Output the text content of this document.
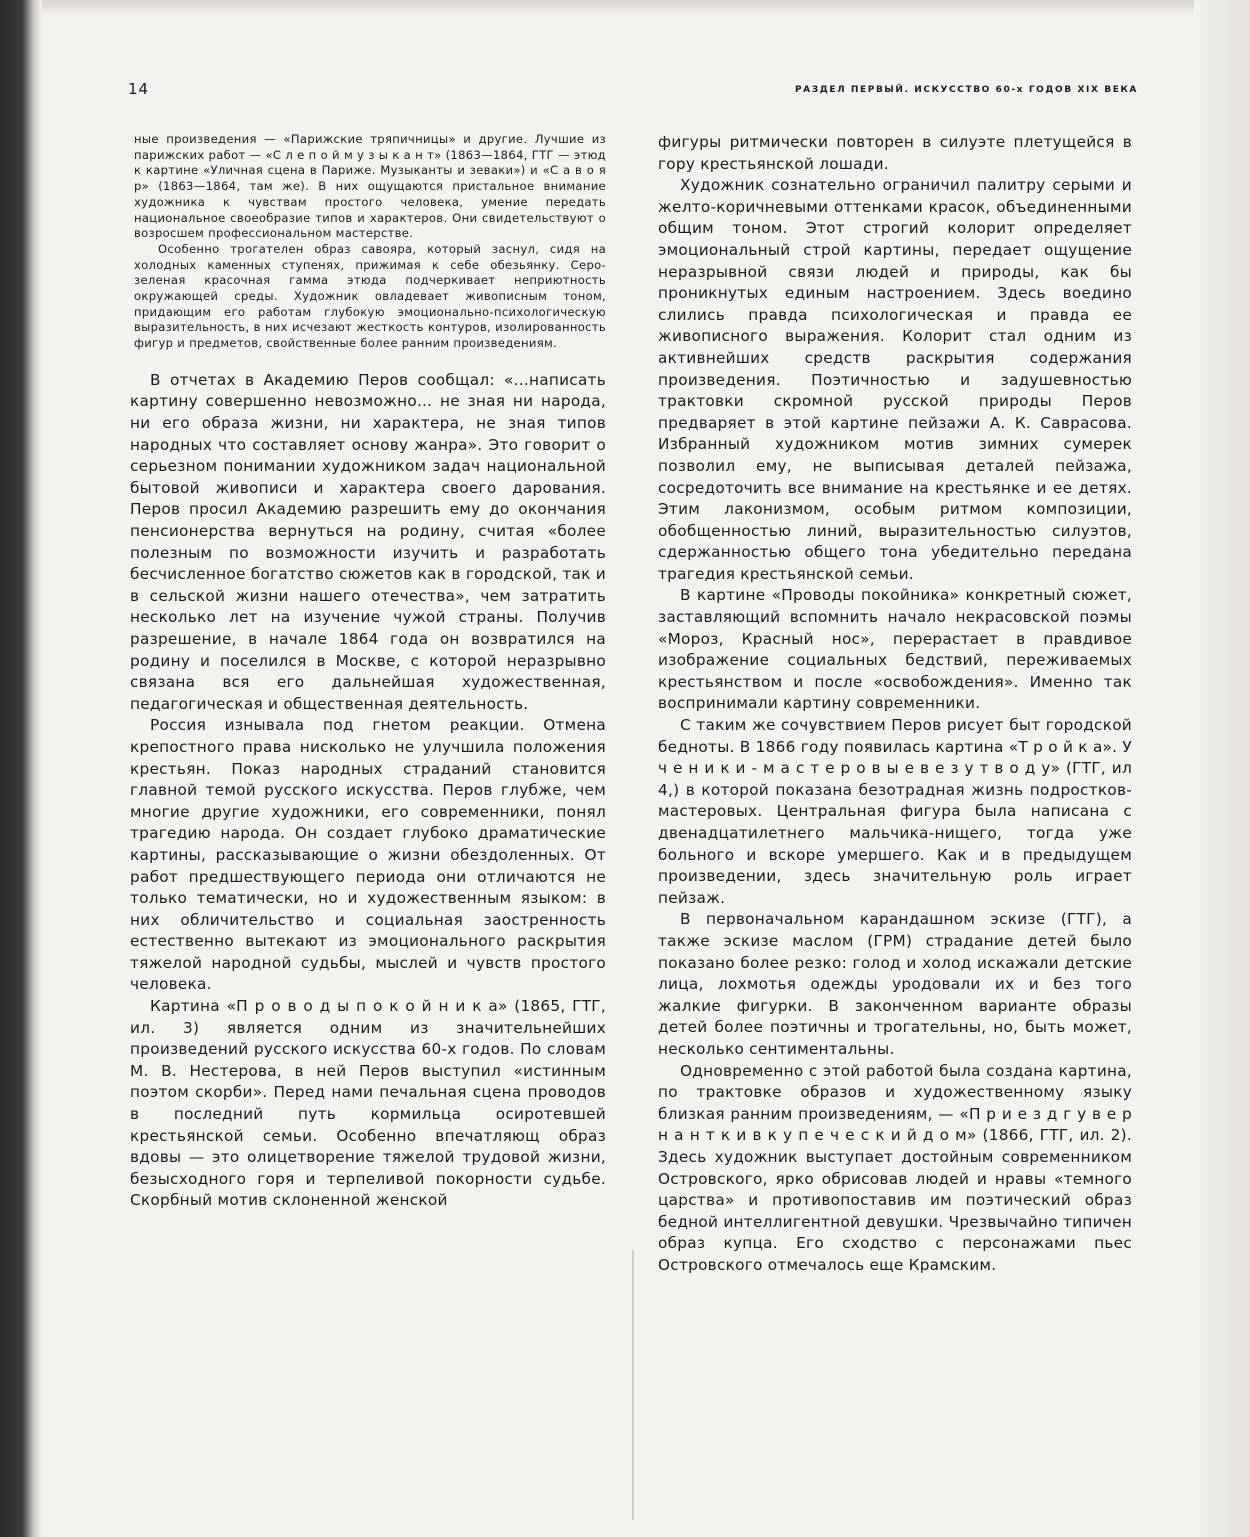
14	РАЗДЕЛ ПЕРВЫЙ. ИСКУССТВО 60-х ГОДОВ XIX ВЕКА

ные произведения — «Парижские тряпичницы» и другие. Лучшие из парижских работ — «С л е п о й м у з ы к а н т» (1863—1864, ГТГ — этюд к картине «Уличная сцена в Париже. Музыканты и зеваки») и «С а в о я р» (1863—1864, там же). В них ощущаются пристальное внимание художника к чувствам простого человека, умение передать национальное своеобразие типов и характеров. Они свидетельствуют о возросшем профессиональном мастерстве.

Особенно трогателен образ савояра, который заснул, сидя на холодных каменных ступенях, прижимая к себе обезьянку. Серо-зеленая красочная гамма этюда подчеркивает неприютность окружающей среды. Художник овладевает живописным тоном, придающим его работам глубокую эмоционально-психологическую выразительность, в них исчезают жесткость контуров, изолированность фигур и предметов, свойственные более ранним произведениям.

В отчетах в Академию Перов сообщал: «...написать картину совершенно невозможно... не зная ни народа, ни его образа жизни, ни характера, не зная типов народных что составляет основу жанра». Это говорит о серьезном понимании художником задач национальной бытовой живописи и характера своего дарования. Перов просил Академию разрешить ему до окончания пенсионерства вернуться на родину, считая «более полезным по возможности изучить и разработать бесчисленное богатство сюжетов как в городской, так и в сельской жизни нашего отечества», чем затратить несколько лет на изучение чужой страны. Получив разрешение, в начале 1864 года он возвратился на родину и поселился в Москве, с которой неразрывно связана вся его дальнейшая художественная, педагогическая и общественная деятельность.

Россия изнывала под гнетом реакции. Отмена крепостного права нисколько не улучшила положения крестьян. Показ народных страданий становится главной темой русского искусства. Перов глубже, чем многие другие художники, его современники, понял трагедию народа. Он создает глубоко драматические картины, рассказывающие о жизни обездоленных. От работ предшествующего периода они отличаются не только тематически, но и художественным языком: в них обличительство и социальная заостренность естественно вытекают из эмоционального раскрытия тяжелой народной судьбы, мыслей и чувств простого человека.

Картина «П р о в о д ы п о к о й н и к а» (1865, ГТГ, ил. 3) является одним из значительнейших произведений русского искусства 60-х годов. По словам М. В. Нестерова, в ней Перов выступил «истинным поэтом скорби». Перед нами печальная сцена проводов в последний путь кормильца осиротевшей крестьянской семьи. Особенно впечатляющ образ вдовы — это олицетворение тяжелой трудовой жизни, безысходного горя и терпеливой покорности судьбе. Скорбный мотив склоненной женской

фигуры ритмически повторен в силуэте плетущейся в гору крестьянской лошади.

Художник сознательно ограничил палитру серыми и желто-коричневыми оттенками красок, объединенными общим тоном. Этот строгий колорит определяет эмоциональный строй картины, передает ощущение неразрывной связи людей и природы, как бы проникнутых единым настроением. Здесь воедино слились правда психологическая и правда ее живописного выражения. Колорит стал одним из активнейших средств раскрытия содержания произведения. Поэтичностью и задушевностью трактовки скромной русской природы Перов предваряет в этой картине пейзажи А. К. Саврасова. Избранный художником мотив зимних сумерек позволил ему, не выписывая деталей пейзажа, сосредоточить все внимание на крестьянке и ее детях. Этим лаконизмом, особым ритмом композиции, обобщенностью линий, выразительностью силуэтов, сдержанностью общего тона убедительно передана трагедия крестьянской семьи.

В картине «Проводы покойника» конкретный сюжет, заставляющий вспомнить начало некрасовской поэмы «Мороз, Красный нос», перерастает в правдивое изображение социальных бедствий, переживаемых крестьянством и после «освобождения». Именно так воспринимали картину современники.

С таким же сочувствием Перов рисует быт городской бедноты. В 1866 году появилась картина «Т р о й к а». У ч е н и к и - м а с т е р о в ы е в е з у т в о д у» (ГТГ, ил 4,) в которой показана безотрадная жизнь подростков-мастеровых. Центральная фигура была написана с двенадцатилетнего мальчика-нищего, тогда уже больного и вскоре умершего. Как и в предыдущем произведении, здесь значительную роль играет пейзаж.

В первоначальном карандашном эскизе (ГТГ), а также эскизе маслом (ГРМ) страдание детей было показано более резко: голод и холод искажали детские лица, лохмотья одежды уродовали их и без того жалкие фигурки. В законченном варианте образы детей более поэтичны и трогательны, но, быть может, несколько сентиментальны.

Одновременно с этой работой была создана картина, по трактовке образов и художественному языку близкая ранним произведениям, — «П р и е з д г у в е р н а н т к и в к у п е ч е с к и й д о м» (1866, ГТГ, ил. 2). Здесь художник выступает достойным современником Островского, ярко обрисовав людей и нравы «темного царства» и противопоставив им поэтический образ бедной интеллигентной девушки. Чрезвычайно типичен образ купца. Его сходство с персонажами пьес Островского отмечалось еще Крамским.
